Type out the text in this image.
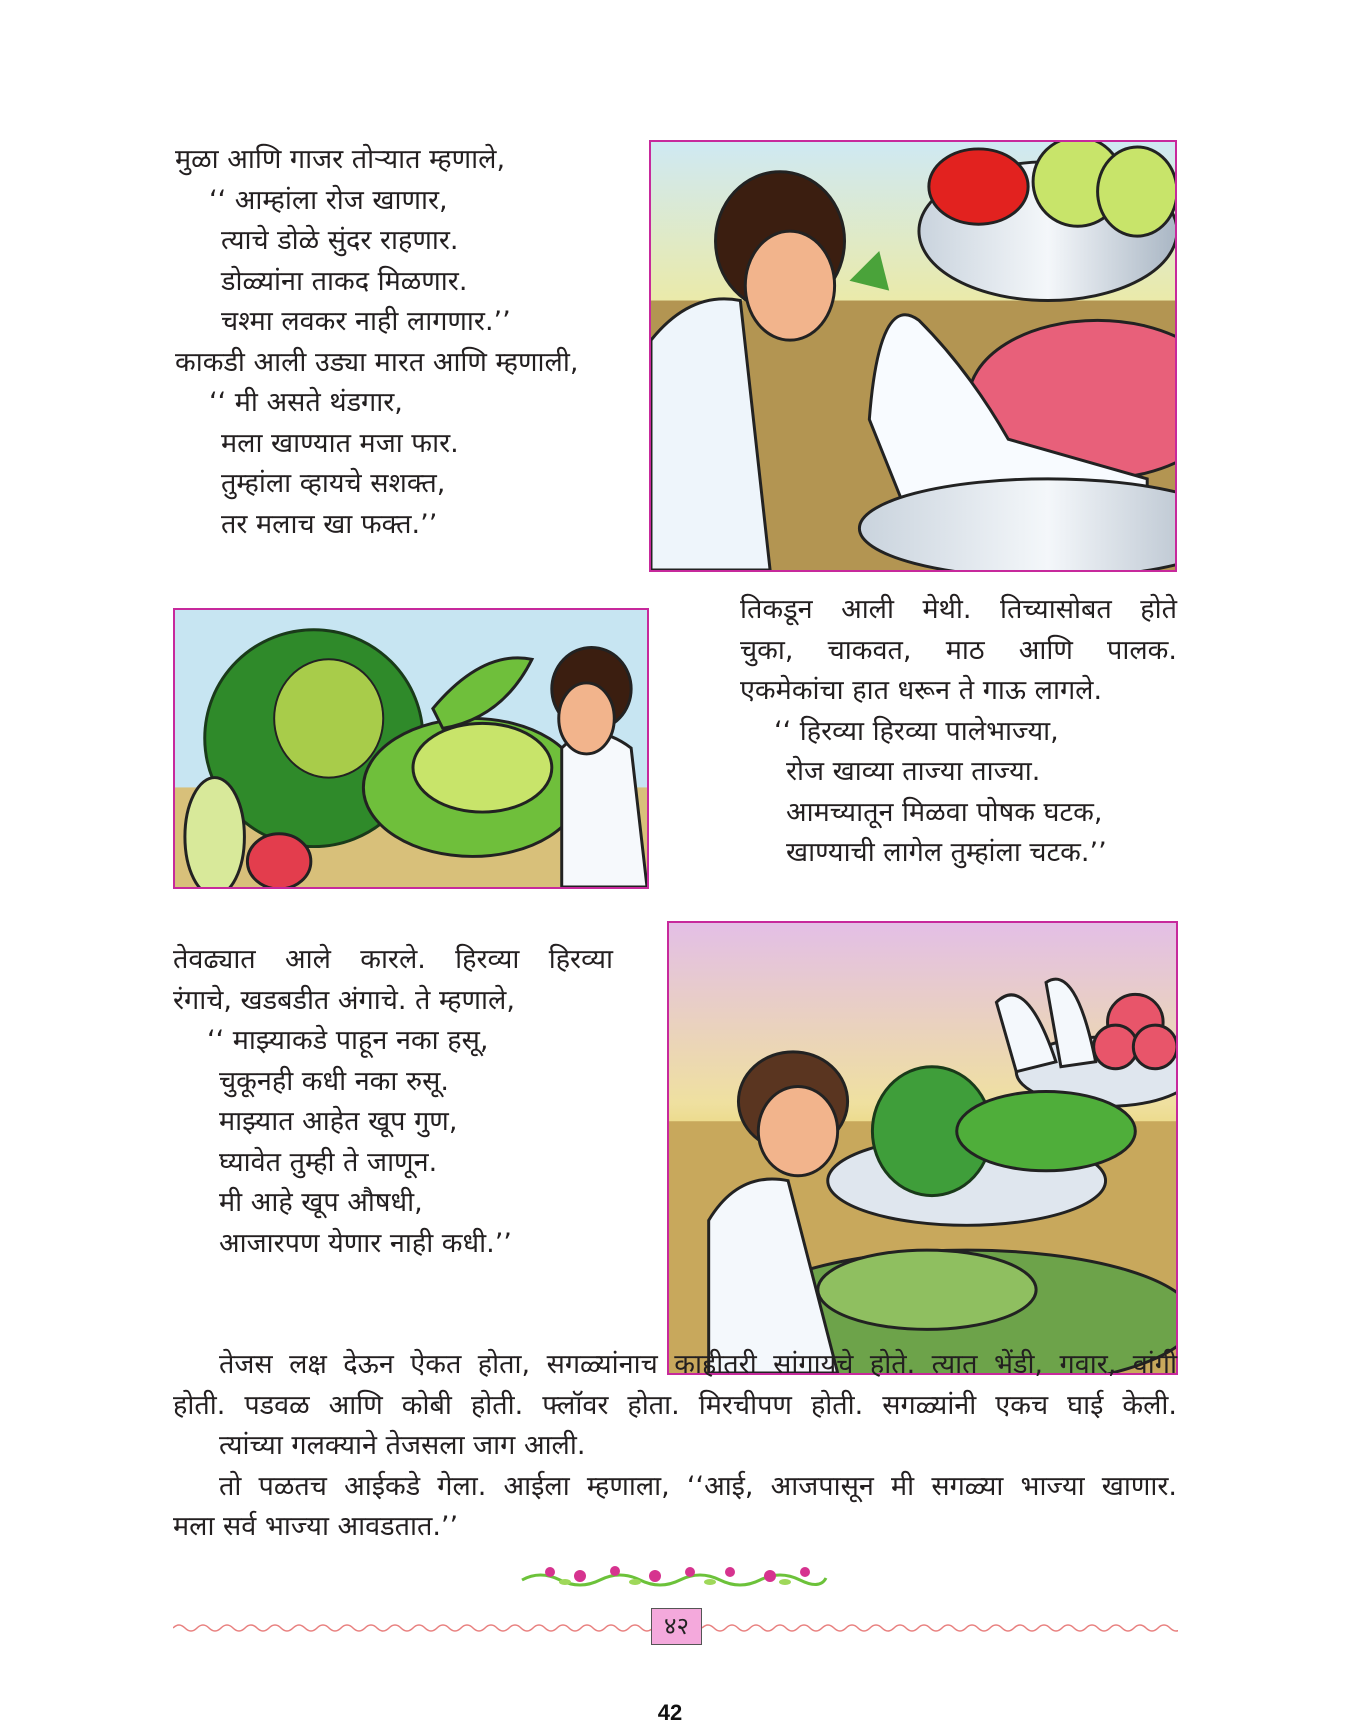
मुळा आणि गाजर तोऱ्यात म्हणाले,
‘‘ आम्हांला रोज खाणार,
त्याचे डोळे सुंदर राहणार.
डोळ्यांना ताकद मिळणार.
चश्मा लवकर नाही लागणार.’’
काकडी आली उड्या मारत आणि म्हणाली,
‘‘ मी असते थंडगार,
मला खाण्यात मजा फार.
तुम्हांला व्हायचे सशक्त,
तर मलाच खा फक्त.’’
तिकडून आली मेथी. तिच्यासोबत होते
चुका, चाकवत, माठ आणि पालक.
एकमेकांचा हात धरून ते गाऊ लागले.
‘‘ हिरव्या हिरव्या पालेभाज्या,
रोज खाव्या ताज्या ताज्या.
आमच्यातून मिळवा पोषक घटक,
खाण्याची लागेल तुम्हांला चटक.’’
तेवढ्यात आले कारले. हिरव्या हिरव्या
रंगाचे, खडबडीत अंगाचे. ते म्हणाले,
‘‘ माझ्याकडे पाहून नका हसू,
चुकूनही कधी नका रुसू.
माझ्यात आहेत खूप गुण,
घ्यावेत तुम्ही ते जाणून.
मी आहे खूप औषधी,
आजारपण येणार नाही कधी.’’
तेजस लक्ष देऊन ऐकत होता, सगळ्यांनाच काहीतरी सांगायचे होते. त्यात भेंडी, गवार, वांगी
होती. पडवळ आणि कोबी होती. फ्लॉवर होता. मिरचीपण होती. सगळ्यांनी एकच घाई केली.
त्यांच्या गलक्याने तेजसला जाग आली.
तो पळतच आईकडे गेला. आईला म्हणाला, ‘‘आई, आजपासून मी सगळ्या भाज्या खाणार.
मला सर्व भाज्या आवडतात.’’
४२
42
